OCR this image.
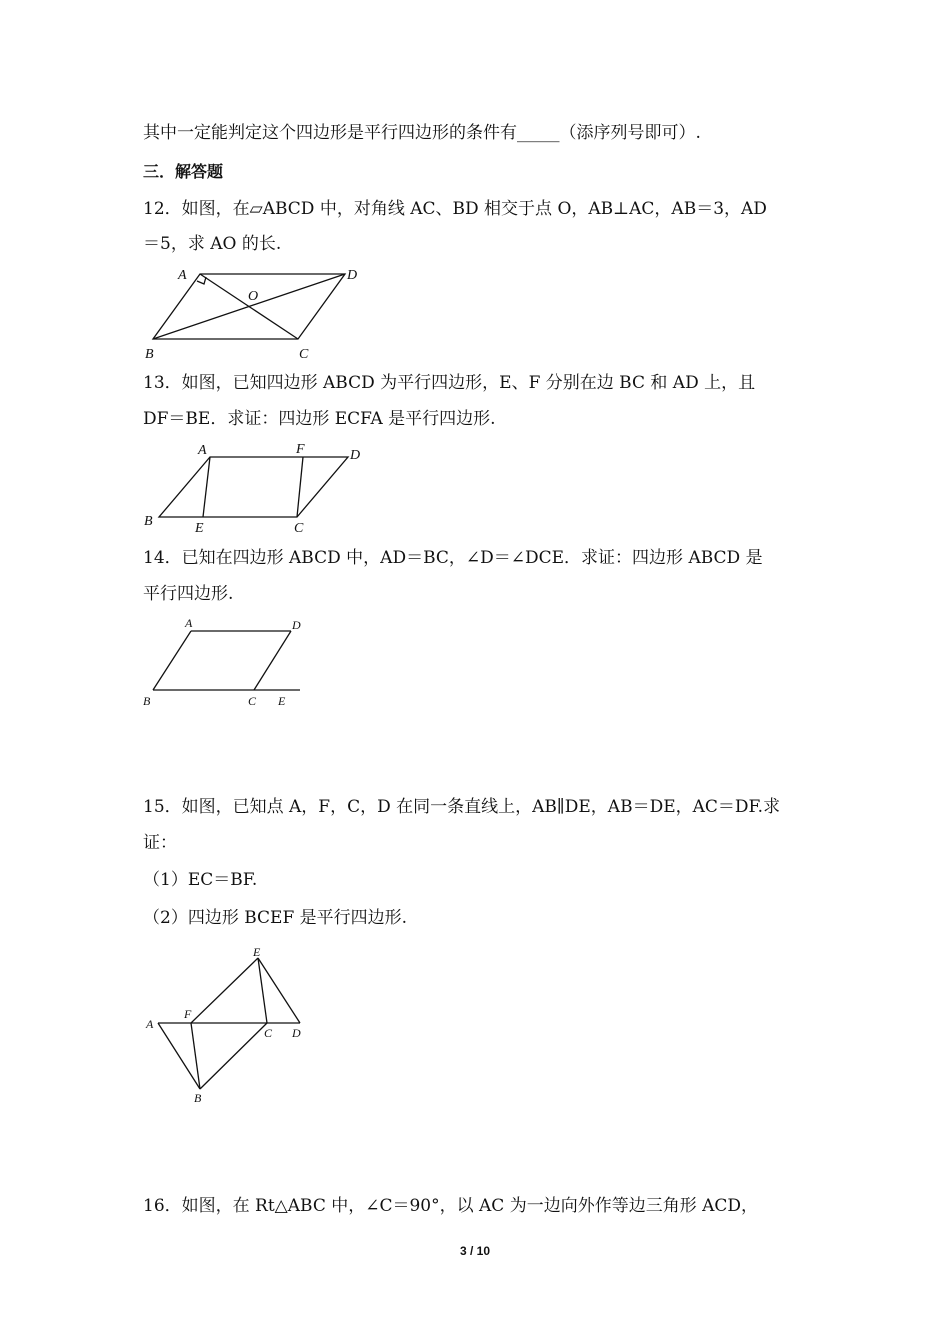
其中一定能判定这个四边形是平行四边形的条件有_____（添序列号即可）.
三．解答题
12．如图，在▱ABCD 中，对角线 AC、BD 相交于点 O，AB⊥AC，AB＝3，AD
＝5，求 AO 的长.
A	D
O
B	C
13．如图，已知四边形 ABCD 为平行四边形，E、F 分别在边 BC 和 AD 上，且
DF＝BE．求证：四边形 ECFA 是平行四边形.
A	F	D
B	E	C
14．已知在四边形 ABCD 中，AD＝BC，∠D＝∠DCE．求证：四边形 ABCD 是
平行四边形.
A	D
B	C E
15．如图，已知点 A，F，C，D 在同一条直线上，AB∥DE，AB＝DE，AC＝DF.求
证：
（1）EC＝BF.
（2）四边形 BCEF 是平行四边形.
E
A
F
C D
B
16．如图，在 Rt△ABC 中，∠C＝90°，以 AC 为一边向外作等边三角形 ACD，
3 / 10
